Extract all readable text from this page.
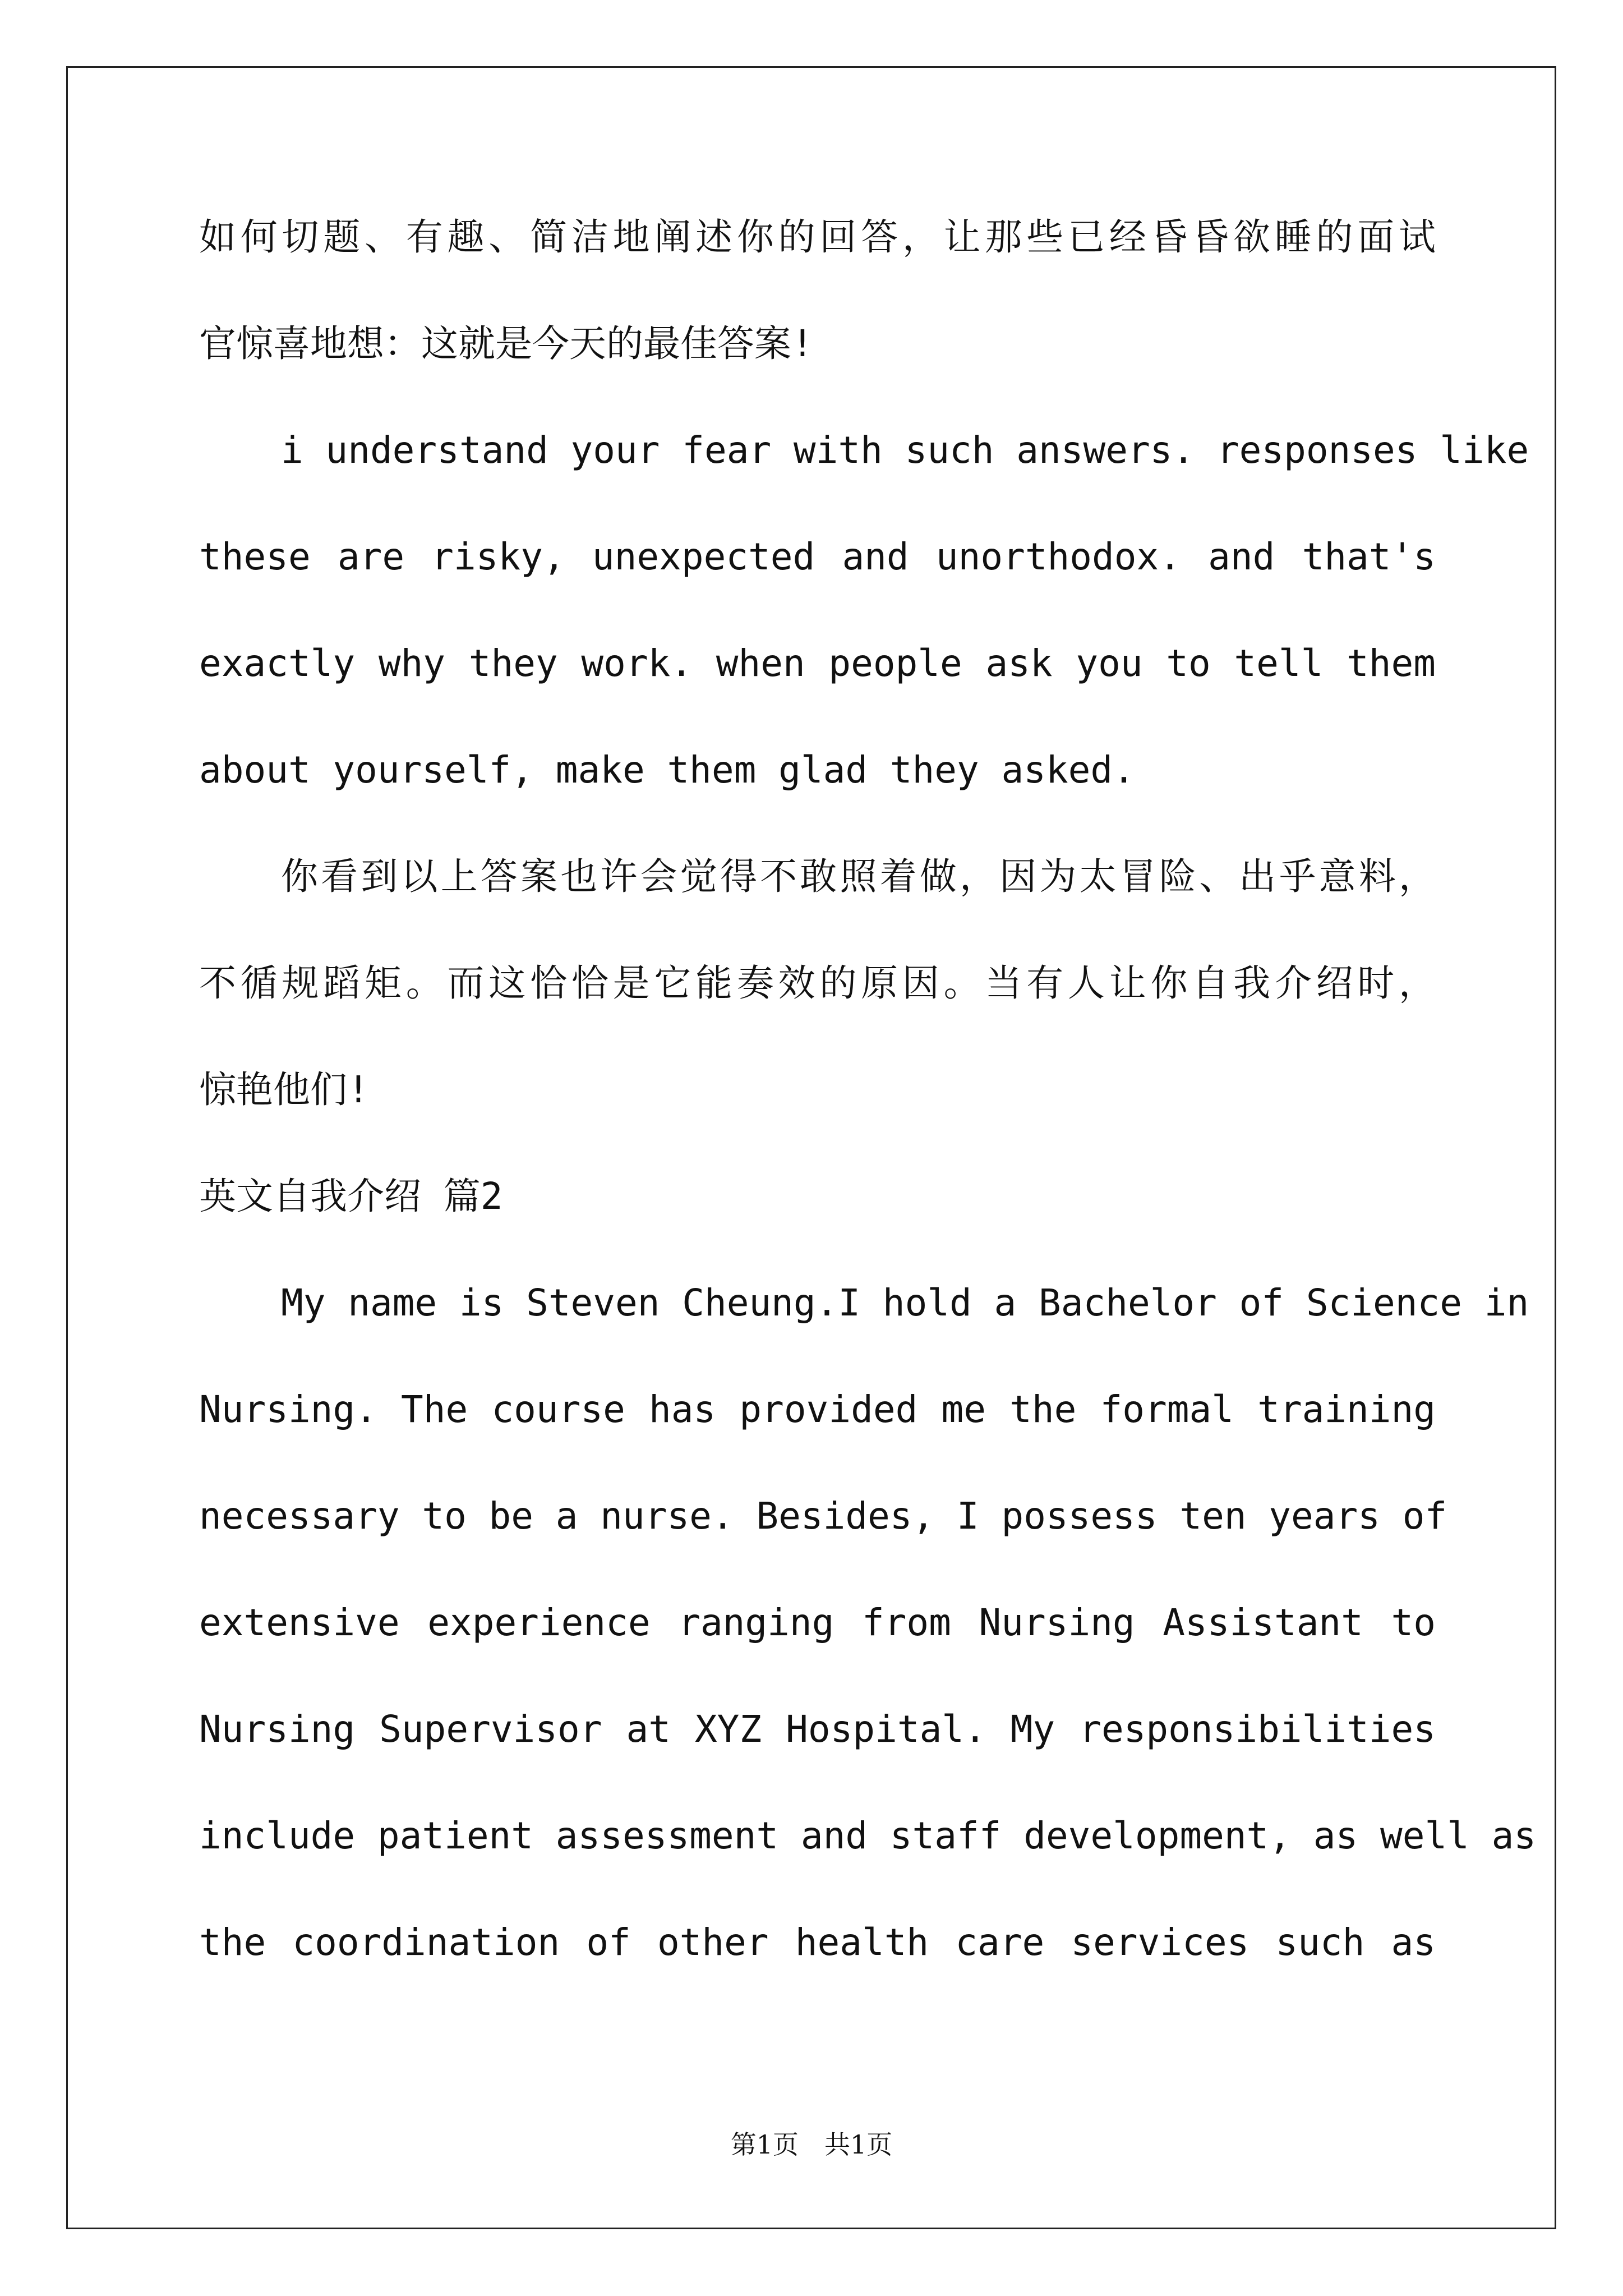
如何切题、有趣、简洁地阐述你的回答，让那些已经昏昏欲睡的面试
官惊喜地想：这就是今天的最佳答案!
i understand your fear with such answers. responses like
these are risky, unexpected and unorthodox. and that's
exactly why they work. when people ask you to tell them
about yourself, make them glad they asked.
你看到以上答案也许会觉得不敢照着做，因为太冒险、出乎意料，
不循规蹈矩。而这恰恰是它能奏效的原因。当有人让你自我介绍时，
惊艳他们!
英文自我介绍 篇2
My name is Steven Cheung.I hold a Bachelor of Science in
Nursing. The course has provided me the formal training
necessary to be a nurse. Besides, I possess ten years of
extensive experience ranging from Nursing Assistant to
Nursing Supervisor at XYZ Hospital. My responsibilities
include patient assessment and staff development, as well as
the coordination of other health care services such as
第1页　共1页
